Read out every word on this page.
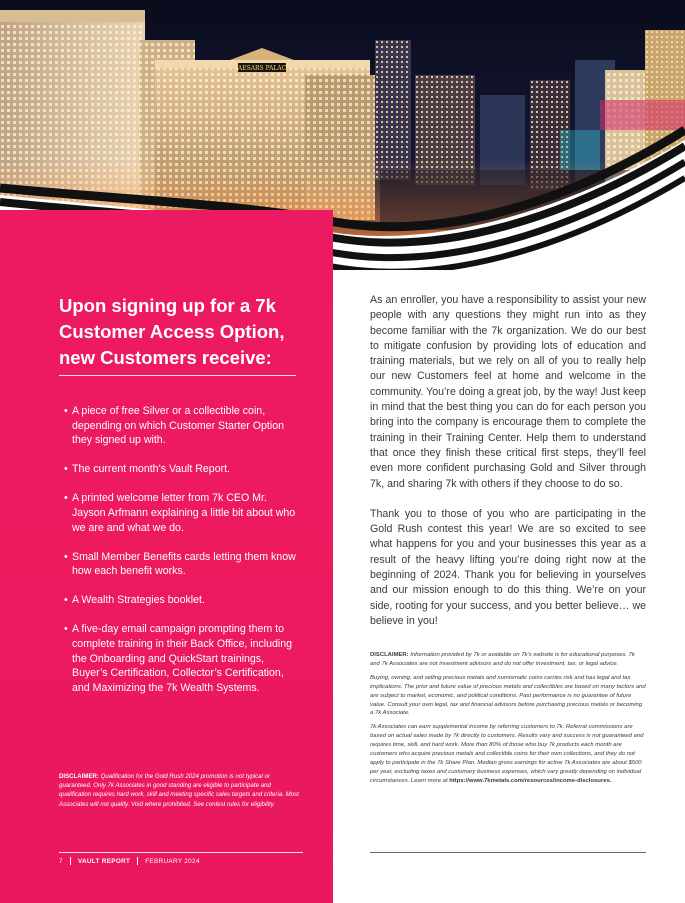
CAESARS PALACE
Upon signing up for a 7k Customer Access Option, new Customers receive:
• A piece of free Silver or a collectible coin, depending on which Customer Starter Option they signed up with.
• The current month’s Vault Report.
• A printed welcome letter from 7k CEO Mr. Jayson Arfmann explaining a little bit about who we are and what we do.
• Small Member Benefits cards letting them know how each benefit works.
• A Wealth Strategies booklet.
• A five-day email campaign prompting them to complete training in their Back Office, including the Onboarding and QuickStart trainings, Buyer’s Certification, Collector’s Certification, and Maximizing the 7k Wealth Systems.

DISCLAIMER: Qualification for the Gold Rush 2024 promotion is not typical or guaranteed. Only 7k Associates in good standing are eligible to participate and qualification requires hard work, skill and meeting specific sales targets and criteria. Most Associates will not qualify. Void where prohibited. See contest rules for eligibility.

7 VAULT REPORT FEBRUARY 2024

As an enroller, you have a responsibility to assist your new people with any questions they might run into as they become familiar with the 7k organization. We do our best to mitigate confusion by providing lots of education and training materials, but we rely on all of you to really help our new Customers feel at home and welcome in the community. You’re doing a great job, by the way! Just keep in mind that the best thing you can do for each person you bring into the company is encourage them to complete the training in their Training Center. Help them to understand that once they finish these critical first steps, they’ll feel even more confident purchasing Gold and Silver through 7k, and sharing 7k with others if they choose to do so.

Thank you to those of you who are participating in the Gold Rush contest this year! We are so excited to see what happens for you and your businesses this year as a result of the heavy lifting you’re doing right now at the beginning of 2024. Thank you for believing in yourselves and our mission enough to do this thing. We’re on your side, rooting for your success, and you better believe… we believe in you!

DISCLAIMER: Information provided by 7k or available on 7k’s website is for educational purposes. 7k and 7k Associates are not investment advisors and do not offer investment, tax, or legal advice.

Buying, owning, and selling precious metals and numismatic coins carries risk and has legal and tax implications. The prior and future value of precious metals and collectibles are based on many factors and are subject to market, economic, and political conditions. Past performance is no guarantee of future value. Consult your own legal, tax and financial advisors before purchasing precious metals or becoming a 7k Associate.

7k Associates can earn supplemental income by referring customers to 7k. Referral commissions are based on actual sales made by 7k directly to customers. Results vary and success is not guaranteed and requires time, skill, and hard work. More than 80% of those who buy 7k products each month are customers who acquire precious metals and collectible coins for their own collections, and they do not apply to participate in the 7k Share Plan. Median gross earnings for active 7k Associates are about $500 per year, excluding taxes and customary business expenses, which vary greatly depending on individual circumstances. Learn more at https://www.7kmetals.com/resources/income-disclosures.
